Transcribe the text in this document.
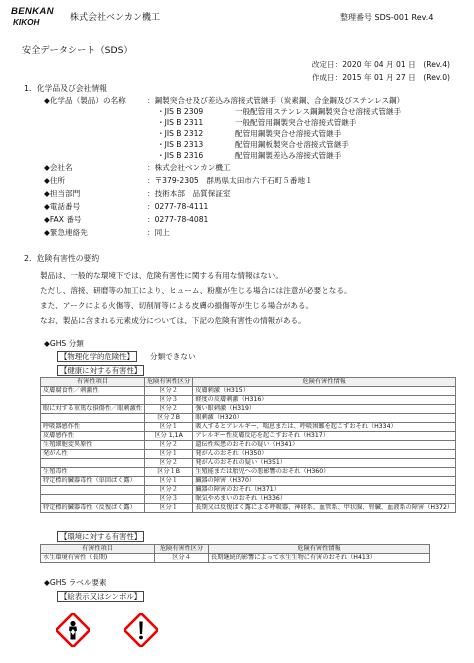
BENKAN
KIKOH	株式会社ベンカン機工	整理番号 SDS-001 Rev.4
安全データシート（SDS）
改定日：2020 年 04 月 01 日　(Rev.4)
作成日：2015 年 01 月 27 日　(Rev.0)
1．化学品及び会社情報
◆化学品（製品）の名称	：鋼製突合せ及び差込み溶接式管継手（炭素鋼、合金鋼及びステンレス鋼）
・JIS B 2309	一般配管用ステンレス鋼鋼製突合せ溶接式管継手
・JIS B 2311	一般配管用鋼製突合せ溶接式管継手
・JIS B 2312	配管用鋼製突合せ溶接式管継手
・JIS B 2313	配管用鋼板製突合せ溶接式管継手
・JIS B 2316	配管用鋼製差込み溶接式管継手
◆会社名	：株式会社ベンカン機工
◆住所	：〒379-2305　群馬県太田市六千石町５番地１
◆担当部門	：技術本部　品質保証室
◆電話番号	：0277-78-4111
◆FAX 番号	：0277-78-4081
◆緊急連絡先	：同上
2．危険有害性の要約
製品は、一般的な環境下では、危険有害性に関する有用な情報はない。
ただし、溶接、研磨等の加工により、ヒューム、粉塵が生じる場合には注意が必要となる。
また、アークによる火傷等、切削屑等による皮膚の損傷等が生じる場合がある。
なお、製品に含まれる元素成分については、下記の危険有害性の情報がある。
◆GHS 分類
【物理化学的危険性】	分類できない
【健康に対する有害性】
有害性項目	危険有害性区分	危険有害性情報
皮膚腐食性／刺激性	区分２	皮膚刺激（H315）
	区分３	軽度の皮膚刺激（H316）
眼に対する重篤な損傷性／眼刺激性	区分２	強い眼刺激（H319）
	区分２B	眼刺激（H320）
呼吸器感作性	区分１	吸入するとアレルギー、喘息または、呼吸困難を起こすおそれ（H334）
皮膚感作性	区分 1,1A	アレルギー性皮膚反応を起こすおそれ（H317）
生殖細胞変異原性	区分２	遺伝性疾患のおそれの疑い（H341）
発がん性	区分１	発がんのおそれ（H350）
	区分２	発がんのおそれの疑い（H351）
生殖毒性	区分１B	生殖能または胎児への悪影響のおそれ（H360）
特定標的臓器毒性（単回ばく露）	区分１	臓器の障害（H370）
	区分２	臓器の障害のおそれ（H371）
	区分３	眠気やめまいのおそれ（H336）
特定標的臓器毒性（反復ばく露）	区分１	長期又は反復ばく露による呼吸器、神経系、血管系、甲状腺、腎臓、血液系の障害（H372）
【環境に対する有害性】
有害性項目	危険有害性区分	危険有害性情報
水生環境有害性（長期)	区分４	長期継続的影響によって水生生物に有害のおそれ（H413）
◆GHS ラベル要素
【絵表示又はシンボル】
